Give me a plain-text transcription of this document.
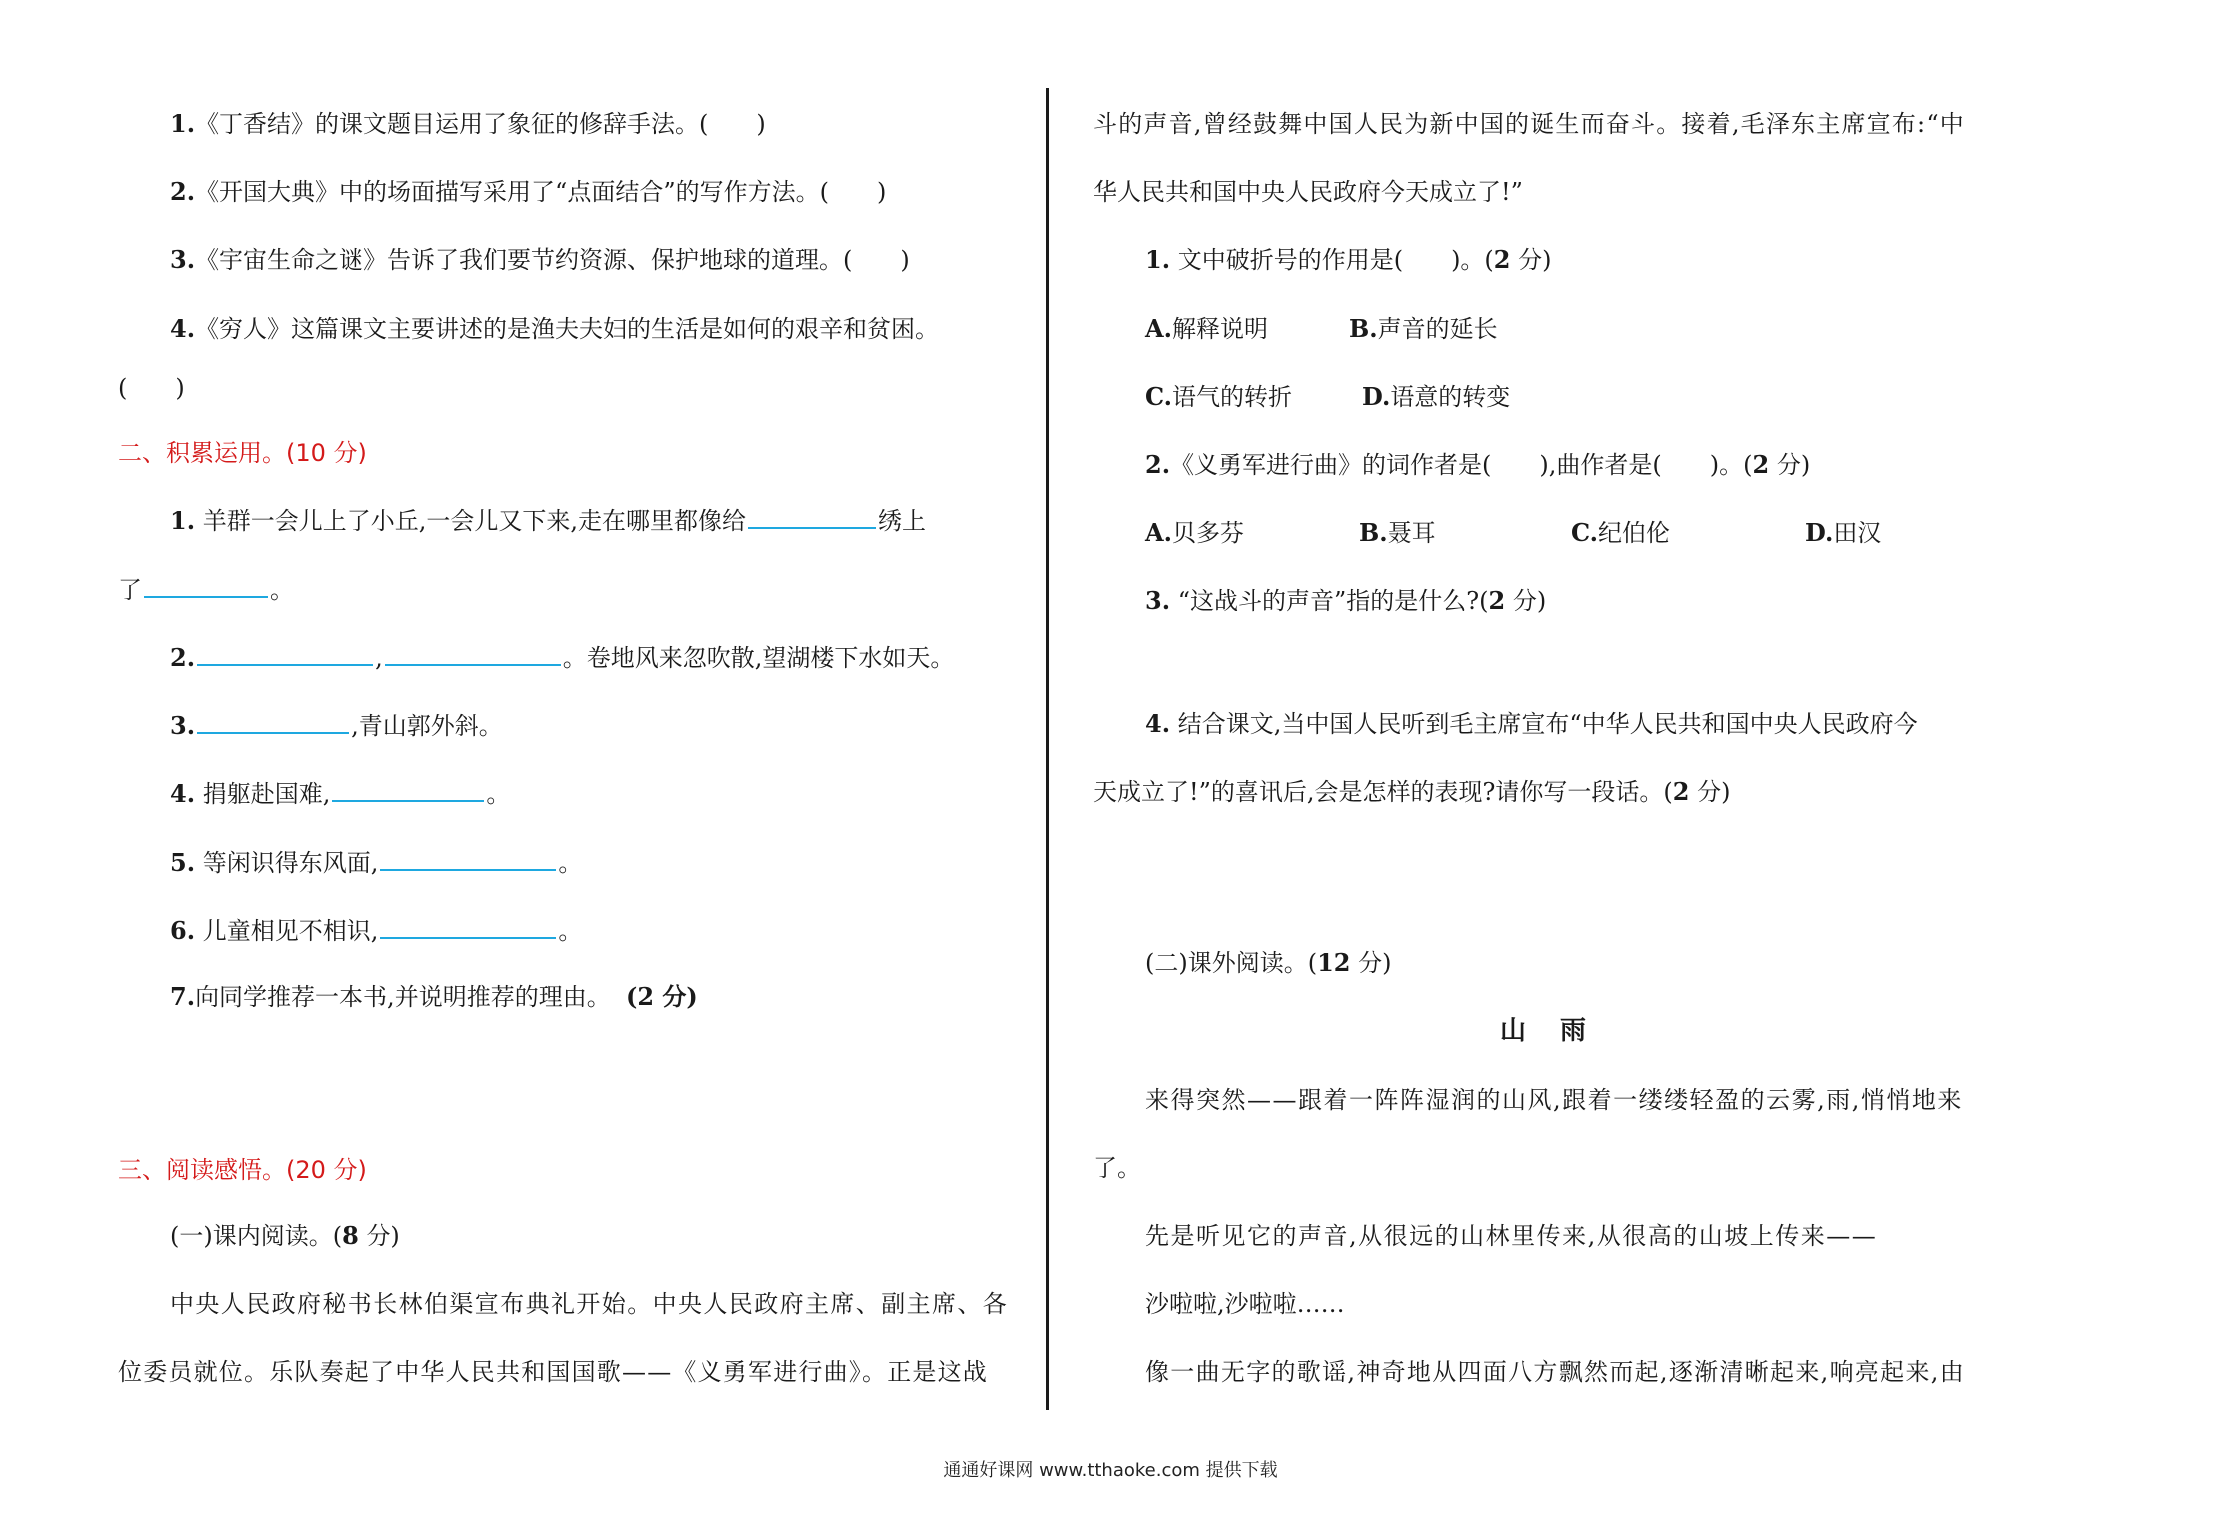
1.《丁香结》的课文题目运用了象征的修辞手法。(　　)
2.《开国大典》中的场面描写采用了“点面结合”的写作方法。(　　)
3.《宇宙生命之谜》告诉了我们要节约资源、保护地球的道理。(　　)
4.《穷人》这篇课文主要讲述的是渔夫夫妇的生活是如何的艰辛和贫困。
(　　)
二、积累运用。(10 分)
1. 羊群一会儿上了小丘,一会儿又下来,走在哪里都像给	绣上
了	。
2.	,	。卷地风来忽吹散,望湖楼下水如天。
3.	,青山郭外斜。
4. 捐躯赴国难,	。
5. 等闲识得东风面,	。
6. 儿童相见不相识,	。
7.向同学推荐一本书,并说明推荐的理由。 (2 分)
三、阅读感悟。(20 分)
(一)课内阅读。(8 分)
中央人民政府秘书长林伯渠宣布典礼开始。中央人民政府主席、副主席、各
位委员就位。乐队奏起了中华人民共和国国歌——《义勇军进行曲》。正是这战
斗的声音,曾经鼓舞中国人民为新中国的诞生而奋斗。接着,毛泽东主席宣布:“中
华人民共和国中央人民政府今天成立了!”
1. 文中破折号的作用是(　　)。(2 分)
A.解释说明	B.声音的延长
C.语气的转折	D.语意的转变
2.《义勇军进行曲》的词作者是(　　),曲作者是(　　)。(2 分)
A.贝多芬	B.聂耳	C.纪伯伦	D.田汉
3. “这战斗的声音”指的是什么?(2 分)
4. 结合课文,当中国人民听到毛主席宣布“中华人民共和国中央人民政府今
天成立了!”的喜讯后,会是怎样的表现?请你写一段话。(2 分)
(二)课外阅读。(12 分)
山雨
来得突然——跟着一阵阵湿润的山风,跟着一缕缕轻盈的云雾,雨,悄悄地来
了。
先是听见它的声音,从很远的山林里传来,从很高的山坡上传来——
沙啦啦,沙啦啦……
像一曲无字的歌谣,神奇地从四面八方飘然而起,逐渐清晰起来,响亮起来,由
通通好课网 www.tthaoke.com 提供下载
